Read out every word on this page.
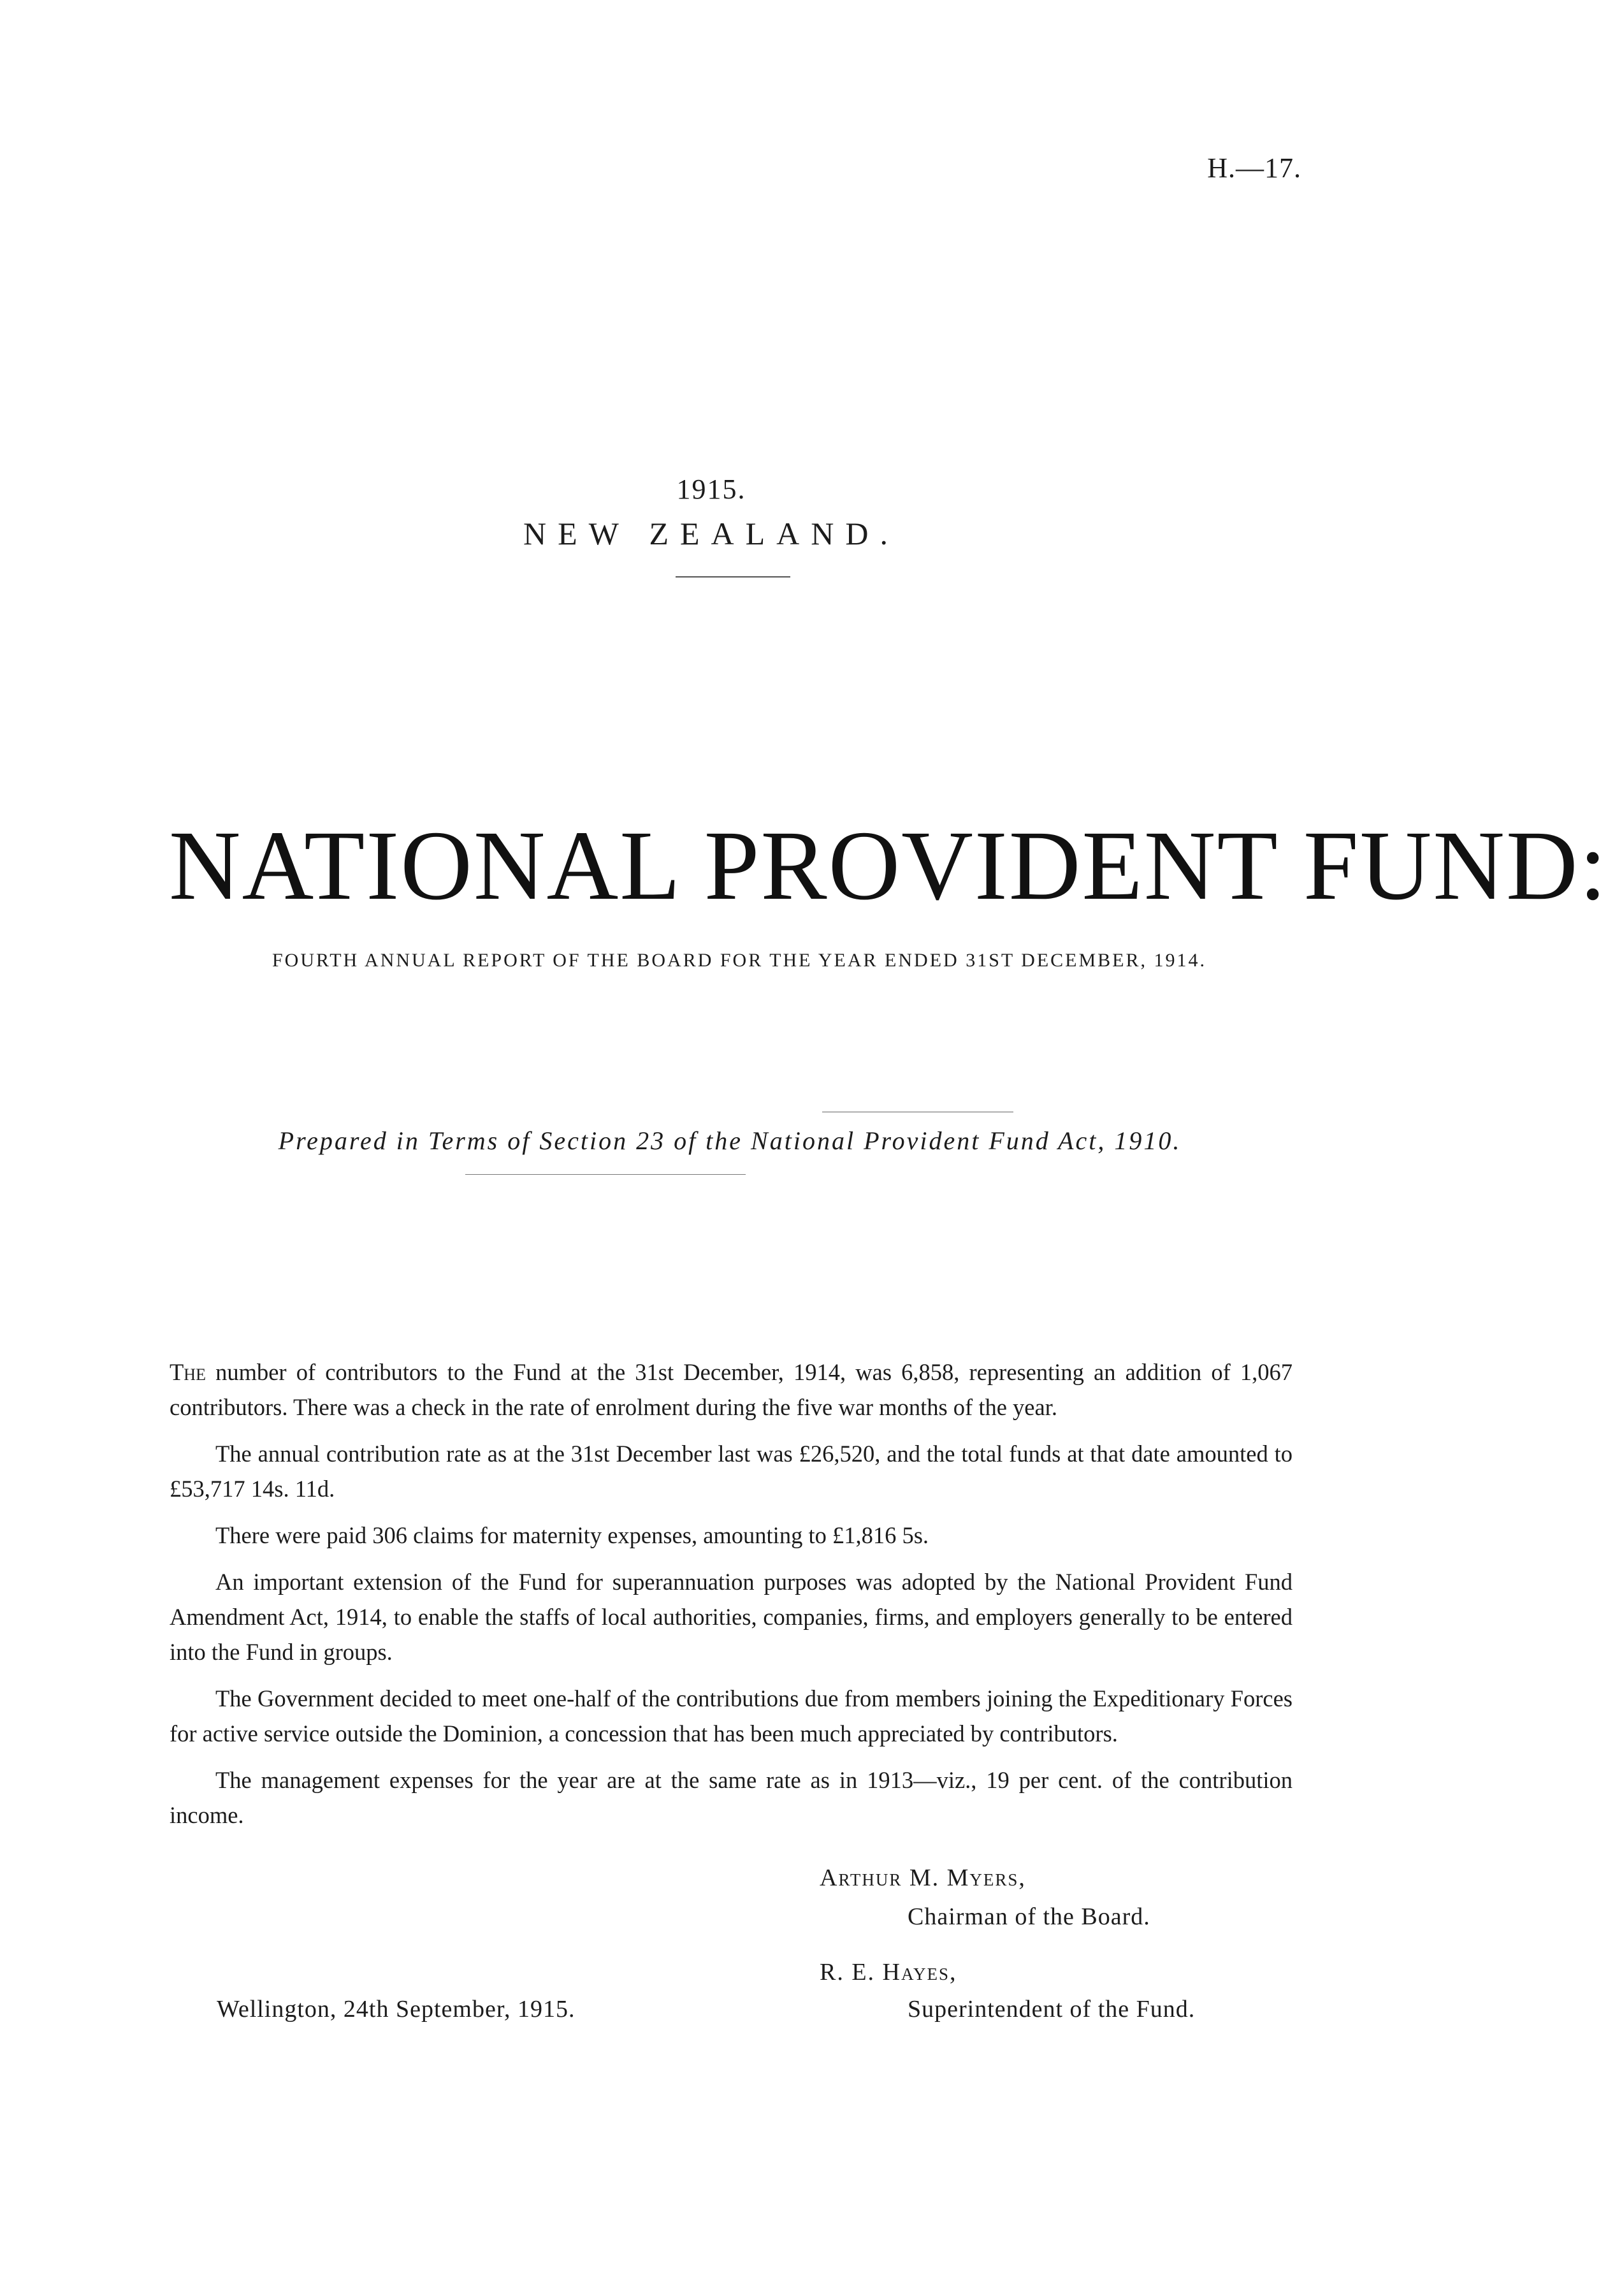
H.—17.
1915.
NEW ZEALAND.
NATIONAL PROVIDENT FUND:
FOURTH ANNUAL REPORT OF THE BOARD FOR THE YEAR ENDED 31ST DECEMBER, 1914.
Prepared in Terms of Section 23 of the National Provident Fund Act, 1910.

The number of contributors to the Fund at the 31st December, 1914, was 6,858, representing an addition of 1,067 contributors. There was a check in the rate of enrolment during the five war months of the year.

The annual contribution rate as at the 31st December last was £26,520, and the total funds at that date amounted to £53,717 14s. 11d.

There were paid 306 claims for maternity expenses, amounting to £1,816 5s.

An important extension of the Fund for superannuation purposes was adopted by the National Provident Fund Amendment Act, 1914, to enable the staffs of local authorities, companies, firms, and employers generally to be entered into the Fund in groups.

The Government decided to meet one-half of the contributions due from members joining the Expeditionary Forces for active service outside the Dominion, a concession that has been much appreciated by contributors.

The management expenses for the year are at the same rate as in 1913—viz., 19 per cent. of the contribution income.

Arthur M. Myers,
Chairman of the Board.
R. E. Hayes,
Superintendent of the Fund.
Wellington, 24th September, 1915.
